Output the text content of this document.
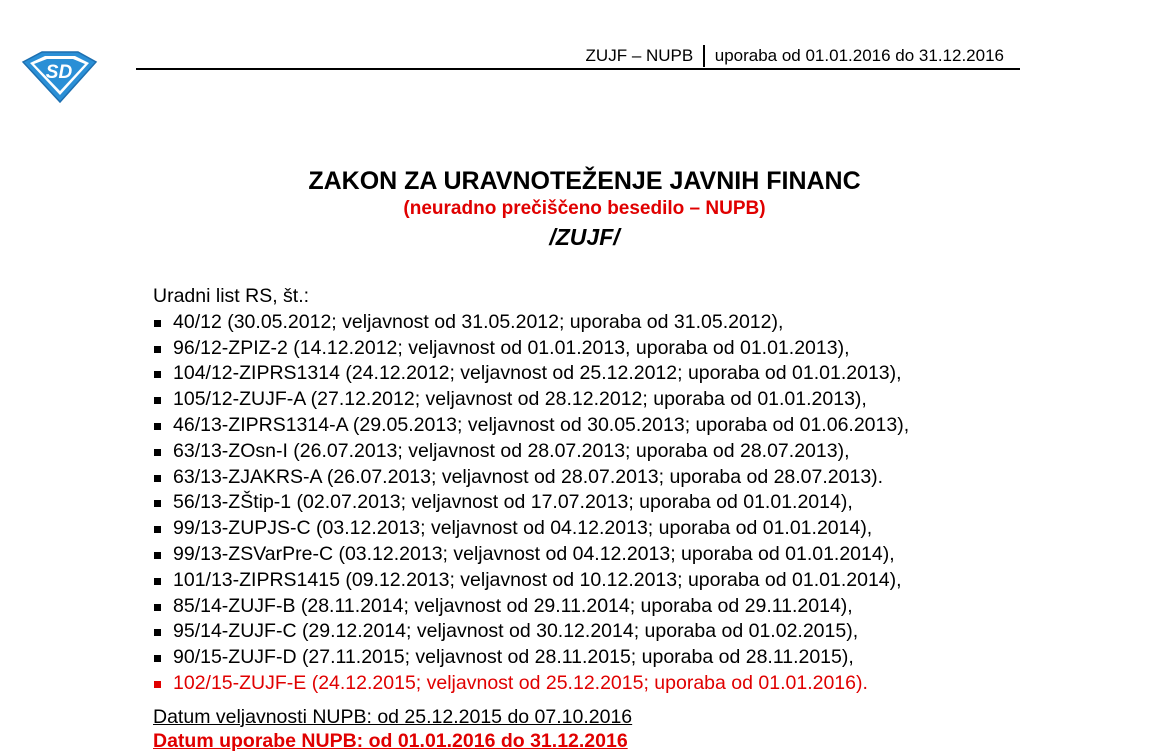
SD
ZUJF – NUPB uporaba od 01.01.2016 do 31.12.2016
ZAKON ZA URAVNOTEŽENJE JAVNIH FINANC
(neuradno prečiščeno besedilo – NUPB)
/ZUJF/
Uradni list RS, št.:
40/12 (30.05.2012; veljavnost od 31.05.2012; uporaba od 31.05.2012),
96/12-ZPIZ-2 (14.12.2012; veljavnost od 01.01.2013, uporaba od 01.01.2013),
104/12-ZIPRS1314 (24.12.2012; veljavnost od 25.12.2012; uporaba od 01.01.2013),
105/12-ZUJF-A (27.12.2012; veljavnost od 28.12.2012; uporaba od 01.01.2013),
46/13-ZIPRS1314-A (29.05.2013; veljavnost od 30.05.2013; uporaba od 01.06.2013),
63/13-ZOsn-I (26.07.2013; veljavnost od 28.07.2013; uporaba od 28.07.2013),
63/13-ZJAKRS-A (26.07.2013; veljavnost od 28.07.2013; uporaba od 28.07.2013).
56/13-ZŠtip-1 (02.07.2013; veljavnost od 17.07.2013; uporaba od 01.01.2014),
99/13-ZUPJS-C (03.12.2013; veljavnost od 04.12.2013; uporaba od 01.01.2014),
99/13-ZSVarPre-C (03.12.2013; veljavnost od 04.12.2013; uporaba od 01.01.2014),
101/13-ZIPRS1415 (09.12.2013; veljavnost od 10.12.2013; uporaba od 01.01.2014),
85/14-ZUJF-B (28.11.2014; veljavnost od 29.11.2014; uporaba od 29.11.2014),
95/14-ZUJF-C (29.12.2014; veljavnost od 30.12.2014; uporaba od 01.02.2015),
90/15-ZUJF-D (27.11.2015; veljavnost od 28.11.2015; uporaba od 28.11.2015),
102/15-ZUJF-E (24.12.2015; veljavnost od 25.12.2015; uporaba od 01.01.2016).
Datum veljavnosti NUPB: od 25.12.2015 do 07.10.2016
Datum uporabe NUPB: od 01.01.2016 do 31.12.2016
